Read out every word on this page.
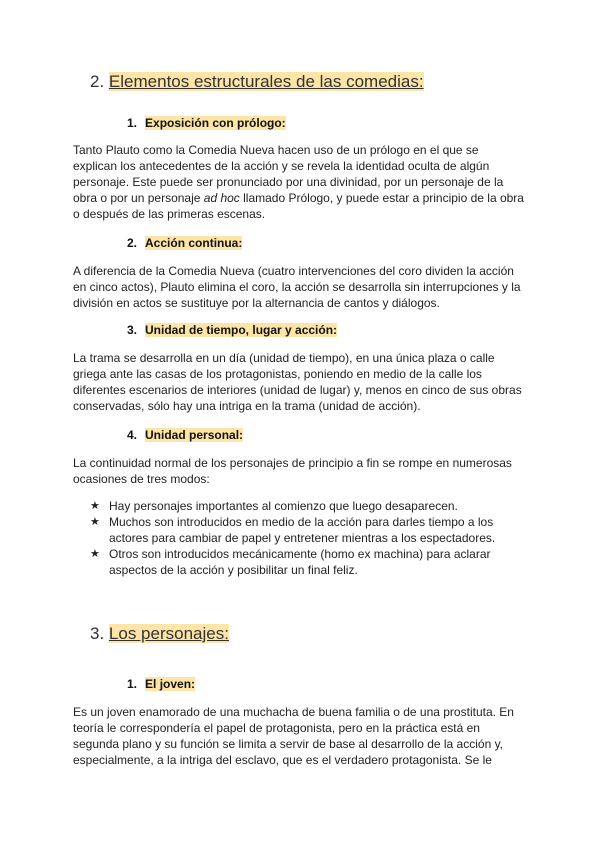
2. Elementos estructurales de las comedias:
1. Exposición con prólogo:

Tanto Plauto como la Comedia Nueva hacen uso de un prólogo en el que se

explican los antecedentes de la acción y se revela la identidad oculta de algún

personaje. Este puede ser pronunciado por una divinidad, por un personaje de la

obra o por un personaje ad hoc llamado Prólogo, y puede estar a principio de la obra

o después de las primeras escenas.

2. Acción continua:

A diferencia de la Comedia Nueva (cuatro intervenciones del coro dividen la acción

en cinco actos), Plauto elimina el coro, la acción se desarrolla sin interrupciones y la

división en actos se sustituye por la alternancia de cantos y diálogos.

3. Unidad de tiempo, lugar y acción:

La trama se desarrolla en un día (unidad de tiempo), en una única plaza o calle

griega ante las casas de los protagonistas, poniendo en medio de la calle los

diferentes escenarios de interiores (unidad de lugar) y, menos en cinco de sus obras

conservadas, sólo hay una intriga en la trama (unidad de acción).

4. Unidad personal:

La continuidad normal de los personajes de principio a fin se rompe en numerosas

ocasiones de tres modos:

★ Hay personajes importantes al comienzo que luego desaparecen.
★ Muchos son introducidos en medio de la acción para darles tiempo a los
actores para cambiar de papel y entretener mientras a los espectadores.
★ Otros son introducidos mecánicamente (homo ex machina) para aclarar
aspectos de la acción y posibilitar un final feliz.
3. Los personajes:
1. El joven:

Es un joven enamorado de una muchacha de buena familia o de una prostituta. En

teoría le correspondería el papel de protagonista, pero en la práctica está en

segunda plano y su función se limita a servir de base al desarrollo de la acción y,

especialmente, a la intriga del esclavo, que es el verdadero protagonista. Se le
